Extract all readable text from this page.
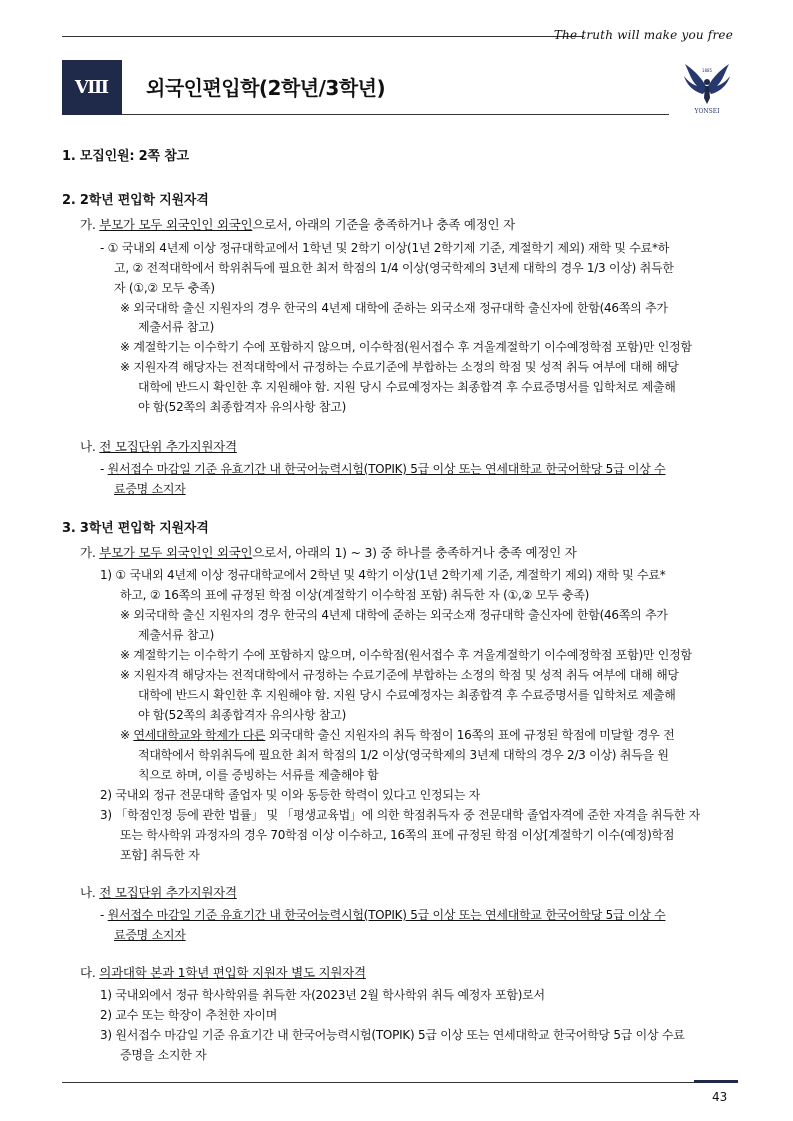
The truth will make you free
Ⅷ 외국인편입학(2학년/3학년)
1885
YONSEI
1. 모집인원: 2쪽 참고
2. 2학년 편입학 지원자격
가. 부모가 모두 외국인인 외국인으로서, 아래의 기준을 충족하거나 충족 예정인 자
- ① 국내외 4년제 이상 정규대학교에서 1학년 및 2학기 이상(1년 2학기제 기준, 계절학기 제외) 재학 및 수료*하
고, ② 전적대학에서 학위취득에 필요한 최저 학점의 1/4 이상(영국학제의 3년제 대학의 경우 1/3 이상) 취득한
자 (①,② 모두 충족)
※ 외국대학 출신 지원자의 경우 한국의 4년제 대학에 준하는 외국소재 정규대학 출신자에 한함(46쪽의 추가
제출서류 참고)
※ 계절학기는 이수학기 수에 포함하지 않으며, 이수학점(원서접수 후 겨울계절학기 이수예정학점 포함)만 인정함
※ 지원자격 해당자는 전적대학에서 규정하는 수료기준에 부합하는 소정의 학점 및 성적 취득 여부에 대해 해당
대학에 반드시 확인한 후 지원해야 함. 지원 당시 수료예정자는 최종합격 후 수료증명서를 입학처로 제출해
야 함(52쪽의 최종합격자 유의사항 참고)
나. 전 모집단위 추가지원자격
- 원서접수 마감일 기준 유효기간 내 한국어능력시험(TOPIK) 5급 이상 또는 연세대학교 한국어학당 5급 이상 수
료증명 소지자
3. 3학년 편입학 지원자격
가. 부모가 모두 외국인인 외국인으로서, 아래의 1) ~ 3) 중 하나를 충족하거나 충족 예정인 자
1) ① 국내외 4년제 이상 정규대학교에서 2학년 및 4학기 이상(1년 2학기제 기준, 계절학기 제외) 재학 및 수료*
하고, ② 16쪽의 표에 규정된 학점 이상(계절학기 이수학점 포함) 취득한 자 (①,② 모두 충족)
※ 외국대학 출신 지원자의 경우 한국의 4년제 대학에 준하는 외국소재 정규대학 출신자에 한함(46쪽의 추가
제출서류 참고)
※ 계절학기는 이수학기 수에 포함하지 않으며, 이수학점(원서접수 후 겨울계절학기 이수예정학점 포함)만 인정함
※ 지원자격 해당자는 전적대학에서 규정하는 수료기준에 부합하는 소정의 학점 및 성적 취득 여부에 대해 해당
대학에 반드시 확인한 후 지원해야 함. 지원 당시 수료예정자는 최종합격 후 수료증명서를 입학처로 제출해
야 함(52쪽의 최종합격자 유의사항 참고)
※ 연세대학교와 학제가 다른 외국대학 출신 지원자의 취득 학점이 16쪽의 표에 규정된 학점에 미달할 경우 전
적대학에서 학위취득에 필요한 최저 학점의 1/2 이상(영국학제의 3년제 대학의 경우 2/3 이상) 취득을 원
칙으로 하며, 이를 증빙하는 서류를 제출해야 함
2) 국내외 정규 전문대학 졸업자 및 이와 동등한 학력이 있다고 인정되는 자
3) 「학점인정 등에 관한 법률」 및 「평생교육법」에 의한 학점취득자 중 전문대학 졸업자격에 준한 자격을 취득한 자
또는 학사학위 과정자의 경우 70학점 이상 이수하고, 16쪽의 표에 규정된 학점 이상[계절학기 이수(예정)학점
포함] 취득한 자
나. 전 모집단위 추가지원자격
- 원서접수 마감일 기준 유효기간 내 한국어능력시험(TOPIK) 5급 이상 또는 연세대학교 한국어학당 5급 이상 수
료증명 소지자
다. 의과대학 본과 1학년 편입학 지원자 별도 지원자격
1) 국내외에서 정규 학사학위를 취득한 자(2023년 2월 학사학위 취득 예정자 포함)로서
2) 교수 또는 학장이 추천한 자이며
3) 원서접수 마감일 기준 유효기간 내 한국어능력시험(TOPIK) 5급 이상 또는 연세대학교 한국어학당 5급 이상 수료
증명을 소지한 자
43
